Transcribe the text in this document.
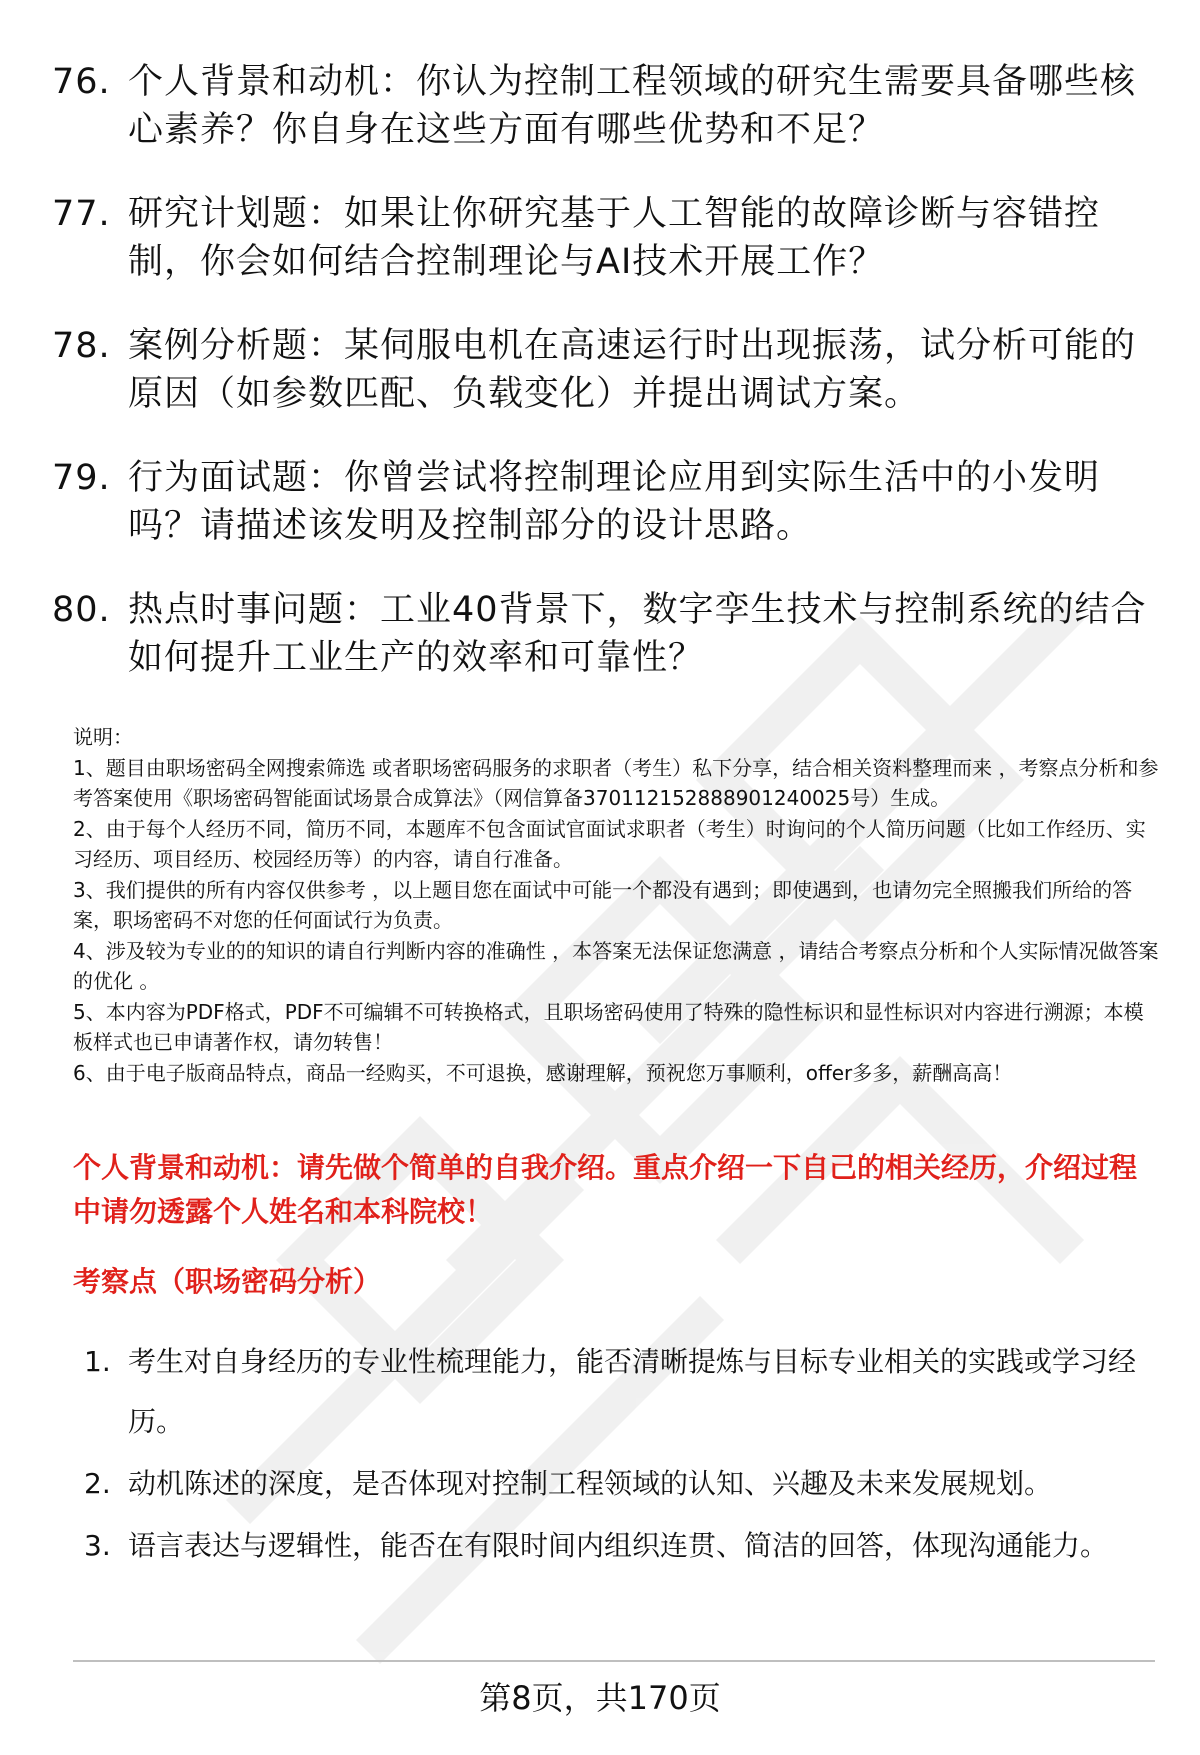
76. 个人背景和动机：你认为控制工程领域的研究生需要具备哪些核心素养？你自身在这些方面有哪些优势和不足？
77. 研究计划题：如果让你研究基于人工智能的故障诊断与容错控制，你会如何结合控制理论与AI技术开展工作？
78. 案例分析题：某伺服电机在高速运行时出现振荡，试分析可能的原因（如参数匹配、负载变化）并提出调试方案。
79. 行为面试题：你曾尝试将控制理论应用到实际生活中的小发明吗？请描述该发明及控制部分的设计思路。
80. 热点时事问题：工业40背景下，数字孪生技术与控制系统的结合如何提升工业生产的效率和可靠性？

说明：

1、题目由职场密码全网搜索筛选 或者职场密码服务的求职者（考生）私下分享，结合相关资料整理而来 ，考察点分析和参考答案使用《职场密码智能面试场景合成算法》（网信算备370112152888901240025号）生成。

2、由于每个人经历不同，简历不同，本题库不包含面试官面试求职者（考生）时询问的个人简历问题（比如工作经历、实习经历、项目经历、校园经历等）的内容，请自行准备。

3、我们提供的所有内容仅供参考 ，以上题目您在面试中可能一个都没有遇到；即使遇到，也请勿完全照搬我们所给的答案，职场密码不对您的任何面试行为负责。

4、涉及较为专业的的知识的请自行判断内容的准确性 ，本答案无法保证您满意 ，请结合考察点分析和个人实际情况做答案的优化 。

5、本内容为PDF格式，PDF不可编辑不可转换格式，且职场密码使用了特殊的隐性标识和显性标识对内容进行溯源；本模板样式也已申请著作权，请勿转售！

6、由于电子版商品特点，商品一经购买，不可退换，感谢理解，预祝您万事顺利，offer多多，薪酬高高！

个人背景和动机：请先做个简单的自我介绍。重点介绍一下自己的相关经历，介绍过程中请勿透露个人姓名和本科院校！
考察点（职场密码分析）
1. 考生对自身经历的专业性梳理能力，能否清晰提炼与目标专业相关的实践或学习经历。
2. 动机陈述的深度，是否体现对控制工程领域的认知、兴趣及未来发展规划。
3. 语言表达与逻辑性，能否在有限时间内组织连贯、简洁的回答，体现沟通能力。
第8页，共170页
